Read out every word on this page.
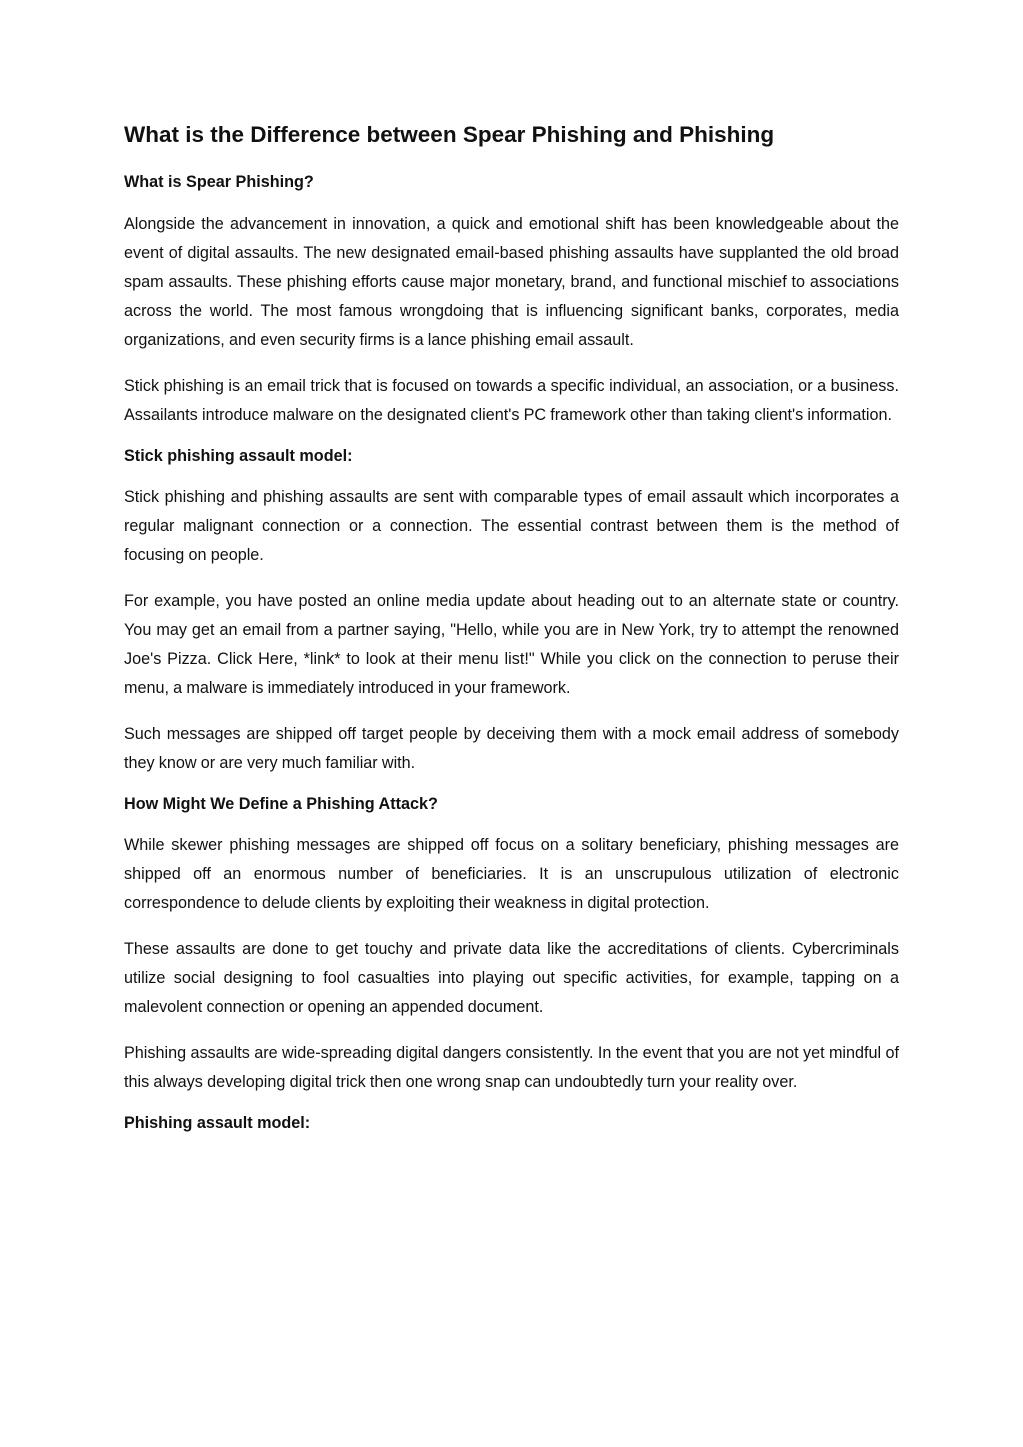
What is the Difference between Spear Phishing and Phishing
What is Spear Phishing?

Alongside the advancement in innovation, a quick and emotional shift has been knowledgeable about the event of digital assaults. The new designated email-based phishing assaults have supplanted the old broad spam assaults. These phishing efforts cause major monetary, brand, and functional mischief to associations across the world. The most famous wrongdoing that is influencing significant banks, corporates, media organizations, and even security firms is a lance phishing email assault.

Stick phishing is an email trick that is focused on towards a specific individual, an association, or a business. Assailants introduce malware on the designated client's PC framework other than taking client's information.

Stick phishing assault model:

Stick phishing and phishing assaults are sent with comparable types of email assault which incorporates a regular malignant connection or a connection. The essential contrast between them is the method of focusing on people.

For example, you have posted an online media update about heading out to an alternate state or country. You may get an email from a partner saying, "Hello, while you are in New York, try to attempt the renowned Joe's Pizza. Click Here, *link* to look at their menu list!" While you click on the connection to peruse their menu, a malware is immediately introduced in your framework.

Such messages are shipped off target people by deceiving them with a mock email address of somebody they know or are very much familiar with.

How Might We Define a Phishing Attack?

While skewer phishing messages are shipped off focus on a solitary beneficiary, phishing messages are shipped off an enormous number of beneficiaries. It is an unscrupulous utilization of electronic correspondence to delude clients by exploiting their weakness in digital protection.

These assaults are done to get touchy and private data like the accreditations of clients. Cybercriminals utilize social designing to fool casualties into playing out specific activities, for example, tapping on a malevolent connection or opening an appended document.

Phishing assaults are wide-spreading digital dangers consistently. In the event that you are not yet mindful of this always developing digital trick then one wrong snap can undoubtedly turn your reality over.

Phishing assault model:
